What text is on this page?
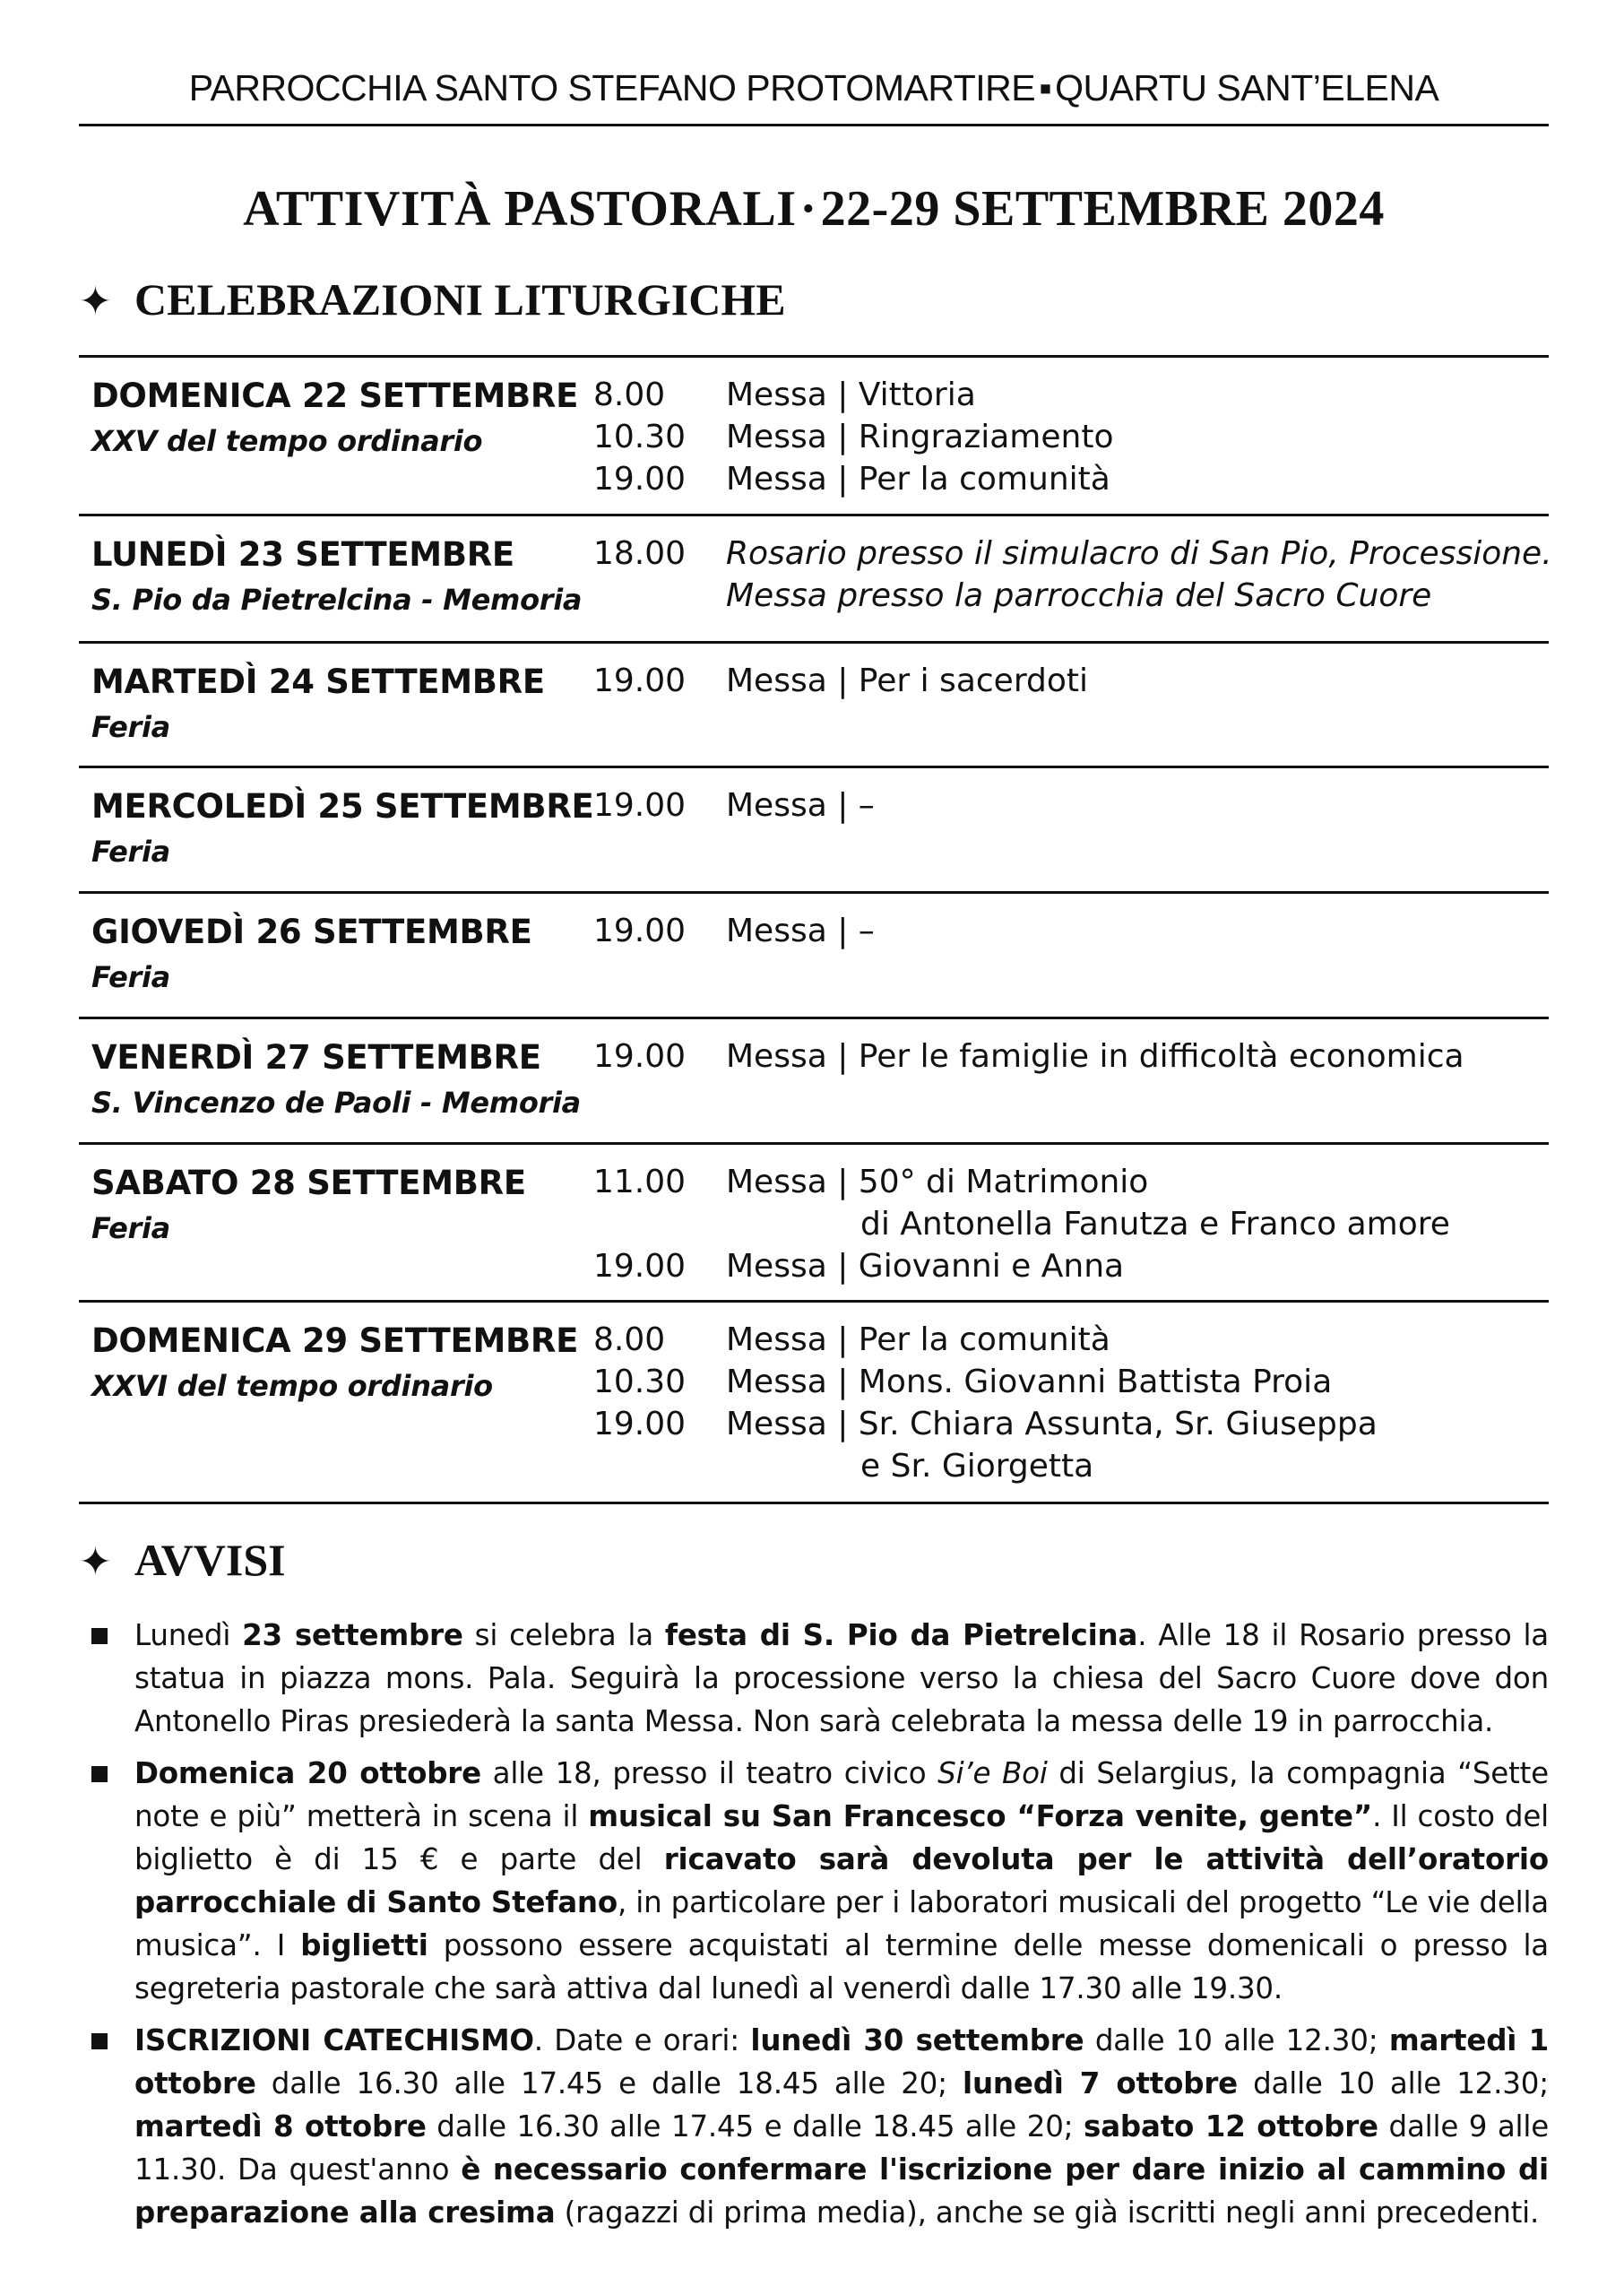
PARROCCHIA SANTO STEFANO PROTOMARTIRE▪QUARTU SANT’ELENA
ATTIVITÀ PASTORALI·22-29 SETTEMBRE 2024
✦ CELEBRAZIONI LITURGICHE
DOMENICA 22 SETTEMBRE
XXV del tempo ordinario
8.00	Messa | Vittoria
10.30	Messa | Ringraziamento
19.00	Messa | Per la comunità
LUNEDÌ 23 SETTEMBRE
S. Pio da Pietrelcina - Memoria
18.00	Rosario presso il simulacro di San Pio, Processione.
Messa presso la parrocchia del Sacro Cuore
MARTEDÌ 24 SETTEMBRE
Feria
19.00	Messa | Per i sacerdoti
MERCOLEDÌ 25 SETTEMBRE
Feria
19.00	Messa | –
GIOVEDÌ 26 SETTEMBRE
Feria
19.00	Messa | –
VENERDÌ 27 SETTEMBRE
S. Vincenzo de Paoli - Memoria
19.00	Messa | Per le famiglie in difficoltà economica
SABATO 28 SETTEMBRE
Feria
11.00	Messa | 50° di Matrimonio
di Antonella Fanutza e Franco amore
19.00	Messa | Giovanni e Anna
DOMENICA 29 SETTEMBRE
XXVI del tempo ordinario
8.00	Messa | Per la comunità
10.30	Messa | Mons. Giovanni Battista Proia
19.00	Messa | Sr. Chiara Assunta, Sr. Giuseppa
e Sr. Giorgetta
✦ AVVISI
Lunedì 23 settembre si celebra la festa di S. Pio da Pietrelcina. Alle 18 il Rosario presso la statua in piazza mons. Pala. Seguirà la processione verso la chiesa del Sacro Cuore dove don Antonello Piras presiederà la santa Messa. Non sarà celebrata la messa delle 19 in parrocchia.
Domenica 20 ottobre alle 18, presso il teatro civico Si’e Boi di Selargius, la compagnia “Sette note e più” metterà in scena il musical su San Francesco “Forza venite, gente”. Il costo del biglietto è di 15 € e parte del ricavato sarà devoluta per le attività dell’oratorio parrocchiale di Santo Stefano, in particolare per i laboratori musicali del progetto “Le vie della musica”. I biglietti possono essere acquistati al termine delle messe domenicali o presso la segreteria pastorale che sarà attiva dal lunedì al venerdì dalle 17.30 alle 19.30.
ISCRIZIONI CATECHISMO. Date e orari: lunedì 30 settembre dalle 10 alle 12.30; martedì 1 ottobre dalle 16.30 alle 17.45 e dalle 18.45 alle 20; lunedì 7 ottobre dalle 10 alle 12.30; martedì 8 ottobre dalle 16.30 alle 17.45 e dalle 18.45 alle 20; sabato 12 ottobre dalle 9 alle 11.30. Da quest'anno è necessario confermare l'iscrizione per dare inizio al cammino di preparazione alla cresima (ragazzi di prima media), anche se già iscritti negli anni precedenti.
